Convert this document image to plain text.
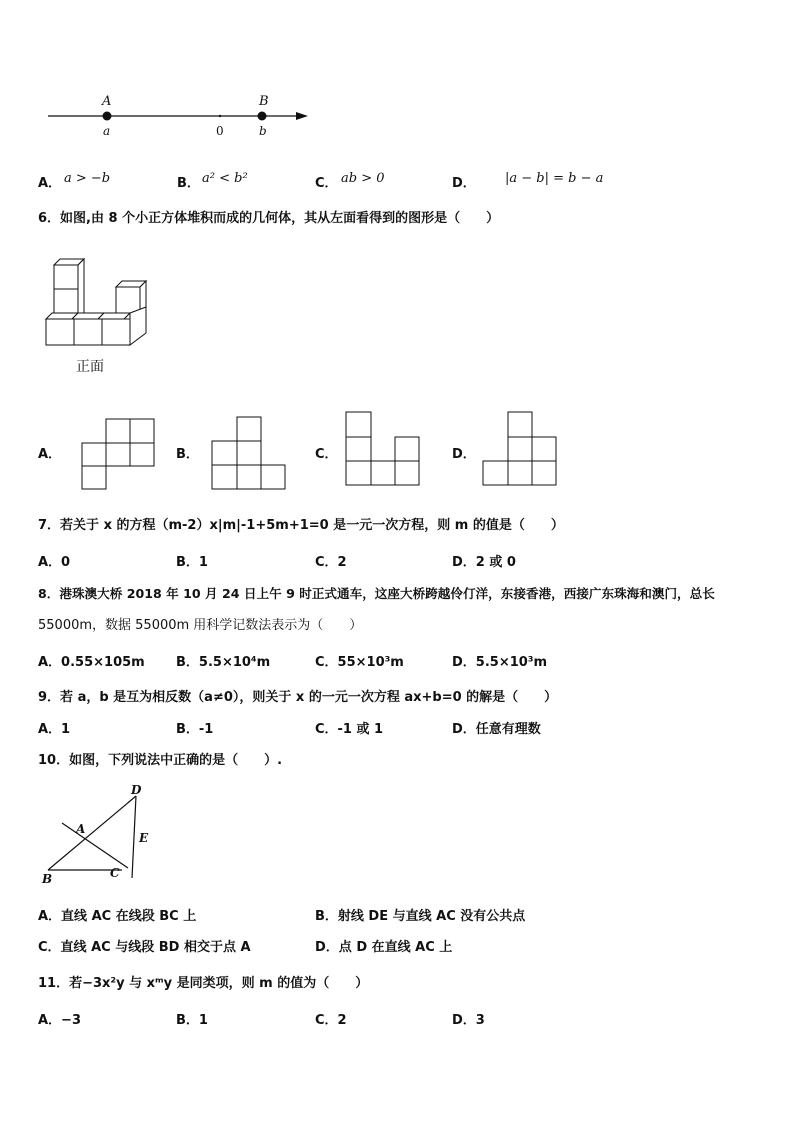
A	B
a	0	b
A． a > −b	B． a² < b²	C． ab > 0	D． |a − b| = b − a
6．如图,由 8 个小正方体堆积而成的几何体，其从左面看得到的图形是（　　）
正面
A．	B．	C．	D．
7．若关于 x 的方程（m-2）x|m|-1+5m+1=0 是一元一次方程，则 m 的值是（　　）
A．0	B．1	C．2	D．2 或 0
8．港珠澳大桥 2018 年 10 月 24 日上午 9 时正式通车，这座大桥跨越伶仃洋，东接香港，西接广东珠海和澳门，总长
55000m，数据 55000m 用科学记数法表示为（　　）
A．0.55×105m B．5.5×10⁴m	C．55×10³m	D．5.5×10³m
9．若 a，b 是互为相反数（a≠0），则关于 x 的一元一次方程 ax+b=0 的解是（　　）
A．1	B．-1	C．-1 或 1	D．任意有理数
10．如图，下列说法中正确的是（　　）.
D
A
E
B	C
A．直线 AC 在线段 BC 上	B．射线 DE 与直线 AC 没有公共点
C．直线 AC 与线段 BD 相交于点 A	D．点 D 在直线 AC 上
11．若−3x²y 与 xᵐy 是同类项，则 m 的值为（　　）
A．−3	B．1	C．2	D．3
